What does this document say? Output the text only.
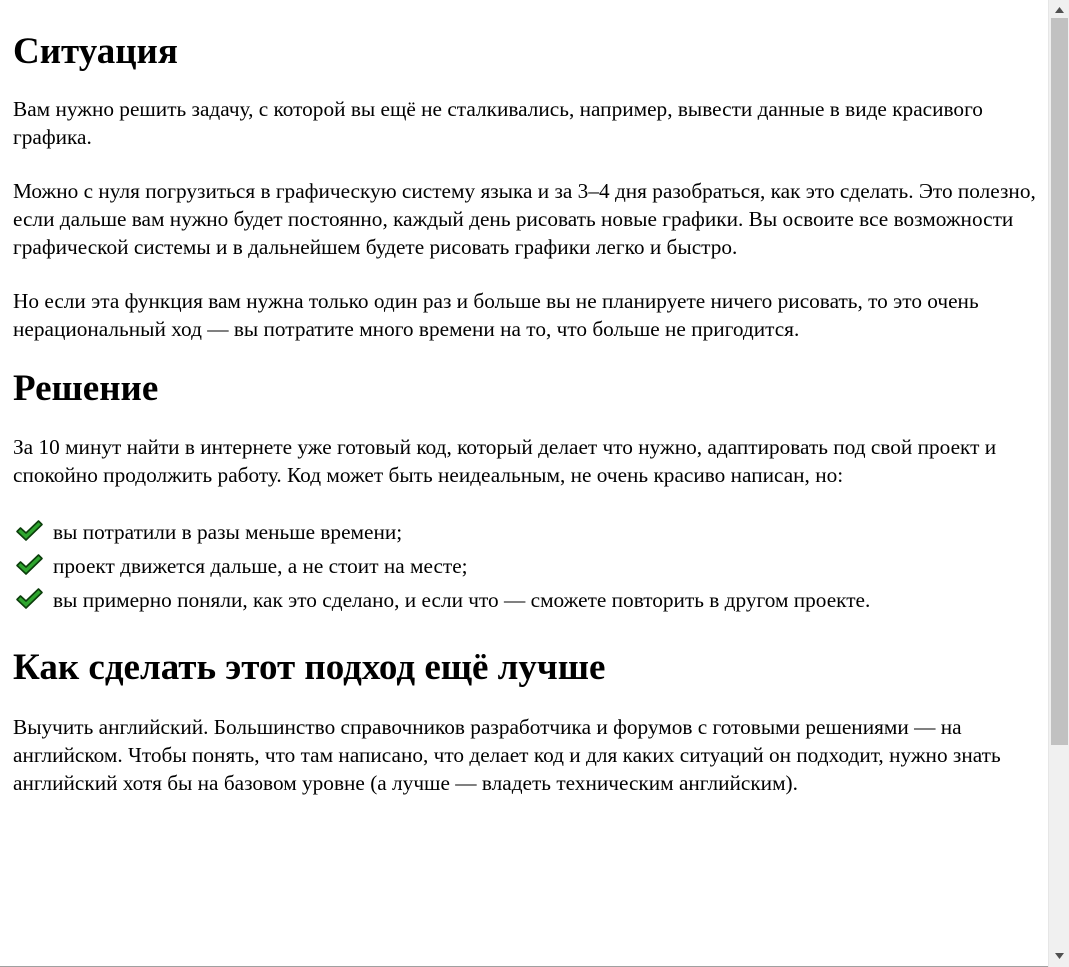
Ситуация

Вам нужно решить задачу, с которой вы ещё не сталкивались, например, вывести данные в виде красивого графика.

Можно с нуля погрузиться в графическую систему языка и за 3–4 дня разобраться, как это сделать. Это полезно, если дальше вам нужно будет постоянно, каждый день рисовать новые графики. Вы освоите все возможности графической системы и в дальнейшем будете рисовать графики легко и быстро.

Но если эта функция вам нужна только один раз и больше вы не планируете ничего рисовать, то это очень нерациональный ход — вы потратите много времени на то, что больше не пригодится.

Решение

За 10 минут найти в интернете уже готовый код, который делает что нужно, адаптировать под свой проект и спокойно продолжить работу. Код может быть неидеальным, не очень красиво написан, но:

вы потратили в разы меньше времени;
проект движется дальше, а не стоит на месте;
вы примерно поняли, как это сделано, и если что — сможете повторить в другом проекте.
Как сделать этот подход ещё лучше

Выучить английский. Большинство справочников разработчика и форумов с готовыми решениями — на английском. Чтобы понять, что там написано, что делает код и для каких ситуаций он подходит, нужно знать английский хотя бы на базовом уровне (а лучше — владеть техническим английским).
